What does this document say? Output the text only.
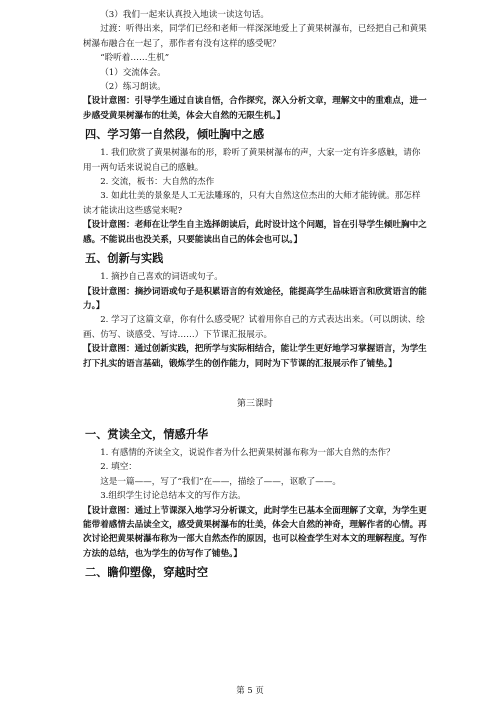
（3）我们一起来认真投入地读一读这句话。

过渡：听得出来，同学们已经和老师一样深深地爱上了黄果树瀑布，已经把自己和黄果树瀑布融合在一起了，那作者有没有这样的感受呢？

“聆听着……生机”

（1）交流体会。

（2）练习朗读。

【设计意图：引导学生通过自读自悟，合作探究，深入分析文章，理解文中的重难点，进一步感受黄果树瀑布的壮美，体会大自然的无限生机。】

四、学习第一自然段，倾吐胸中之感

1. 我们欣赏了黄果树瀑布的形，聆听了黄果树瀑布的声，大家一定有许多感触，请你用一两句话来说说自己的感触。

2. 交流，板书：大自然的杰作

3. 如此壮美的景象是人工无法雕琢的，只有大自然这位杰出的大师才能铸就。那怎样读才能读出这些感觉来呢?

【设计意图：老师在让学生自主选择朗读后，此时设计这个问题，旨在引导学生倾吐胸中之感。不能说出也没关系，只要能读出自己的体会也可以。】

五、创新与实践

1. 摘抄自己喜欢的词语或句子。

【设计意图：摘抄词语或句子是积累语言的有效途径，能提高学生品味语言和欣赏语言的能力。】

2. 学习了这篇文章，你有什么感受呢？试着用你自己的方式表达出来。（可以朗读、绘画、仿写、谈感受、写诗……）下节课汇报展示。

【设计意图：通过创新实践，把所学与实际相结合，能让学生更好地学习掌握语言，为学生打下扎实的语言基础，锻炼学生的创作能力，同时为下节课的汇报展示作了铺垫。】

第三课时
一、赏读全文，情感升华

1. 有感情的齐读全文，说说作者为什么把黄果树瀑布称为一部大自然的杰作？

2. 填空：

这是一篇——，写了“我们”在——，描绘了——，讴歌了——。

3.组织学生讨论总结本文的写作方法。

【设计意图：通过上节课深入地学习分析课文，此时学生已基本全面理解了文章，为学生更能带着感情去品读全文，感受黄果树瀑布的壮美，体会大自然的神奇，理解作者的心情。再次讨论把黄果树瀑布称为一部大自然杰作的原因，也可以检查学生对本文的理解程度。写作方法的总结，也为学生的仿写作了铺垫。】

二、瞻仰塑像，穿越时空
第 5 页
